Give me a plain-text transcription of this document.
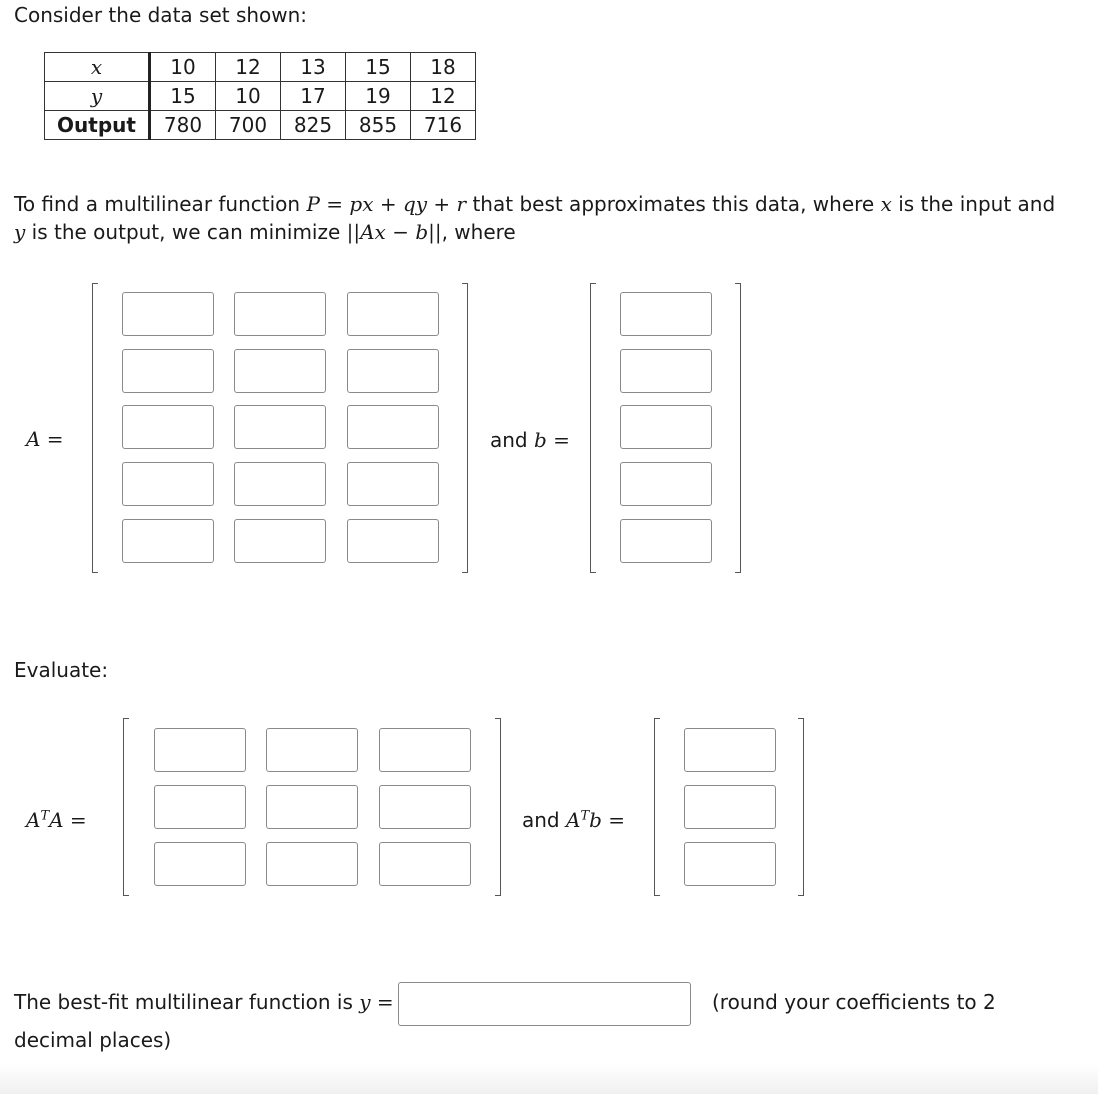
Consider the data set shown:
x	10	12	13	15	18
y	15	10	17	19	12
Output	780	700	825	855	716
To find a multilinear function P = px + qy + r that best approximates this data, where x is the input and
y is the output, we can minimize ||Ax − b||, where
A =	and b =
Evaluate:
$A^TA$ =	and $A^Tb$ =
The best-fit multilinear function is y =	(round your coefficients to 2
decimal places)
